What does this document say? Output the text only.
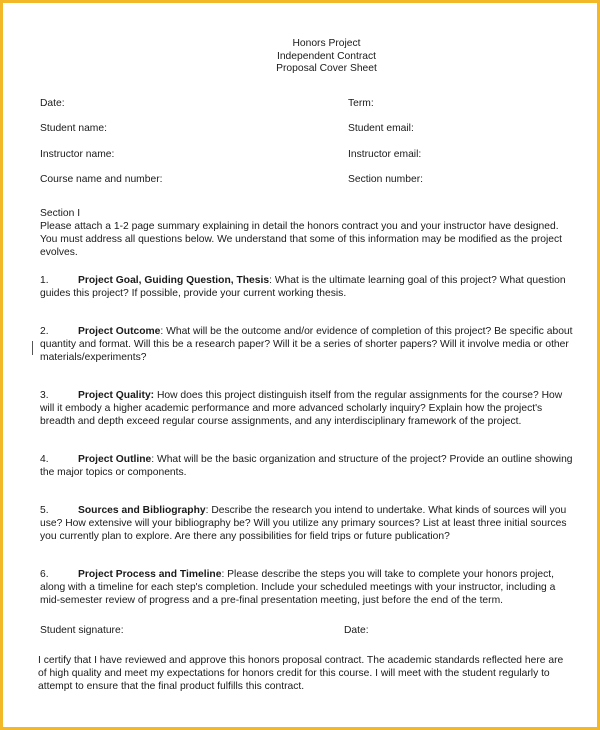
Honors Project
Independent Contract
Proposal Cover Sheet
Date:	Term:
Student name:	Student email:
Instructor name:	Instructor email:
Course name and number:	Section number:
Section I

Please attach a 1-2 page summary explaining in detail the honors contract you and your instructor have designed. You must address all questions below. We understand that some of this information may be modified as the project evolves.

1.	Project Goal, Guiding Question, Thesis: What is the ultimate learning goal of this project? What question guides this project? If possible, provide your current working thesis.

2.	Project Outcome: What will be the outcome and/or evidence of completion of this project? Be specific about quantity and format. Will this be a research paper? Will it be a series of shorter papers? Will it involve media or other materials/experiments?

3.	Project Quality: How does this project distinguish itself from the regular assignments for the course? How will it embody a higher academic performance and more advanced scholarly inquiry? Explain how the project's breadth and depth exceed regular course assignments, and any interdisciplinary framework of the project.

4.	Project Outline: What will be the basic organization and structure of the project? Provide an outline showing the major topics or components.

5.	Sources and Bibliography: Describe the research you intend to undertake. What kinds of sources will you use? How extensive will your bibliography be? Will you utilize any primary sources? List at least three initial sources you currently plan to explore. Are there any possibilities for field trips or future publication?

6.	Project Process and Timeline: Please describe the steps you will take to complete your honors project, along with a timeline for each step's completion. Include your scheduled meetings with your instructor, including a mid-semester review of progress and a pre-final presentation meeting, just before the end of the term.

Student signature:	Date:

I certify that I have reviewed and approve this honors proposal contract. The academic standards reflected here are of high quality and meet my expectations for honors credit for this course. I will meet with the student regularly to attempt to ensure that the final product fulfills this contract.
